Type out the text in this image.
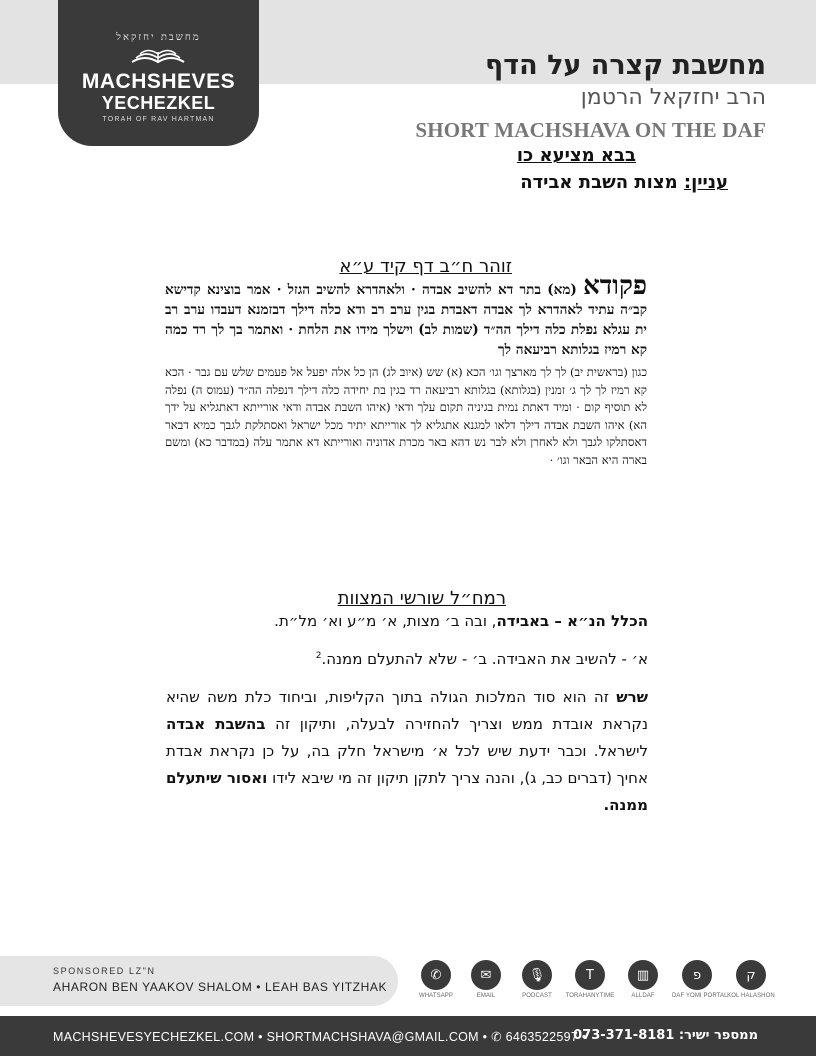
מחשבת יחזקאל
MACHSHEVES
YECHEZKEL
TORAH OF RAV HARTMAN
מחשבת קצרה על הדף
הרב יחזקאל הרטמן
SHORT MACHSHAVA ON THE DAF
בבא מציעא כו
עניין: מצות השבת אבידה
זוהר ח״ב דף קיד ע״א
פקודא (מא) בתר דא להשיב אבדה · ולאהדרא להשיב הגזל · אמר בוצינא קדישא קב״ה עתיד לאהדרא לך אבדה דאבדת בגין ערב רב ודא כלה דילך דבזמנא דעבדו ערב רב ית עגלא נפלת כלה דילך הה״ד (שמות לב) וישלך מידו את הלחת · ואתמר בך לך רד כמה קא רמיז בגלותא רביעאה לך
כגון (בראשית יב) לך לך מארצך וגו׳ הכא (א) שש (איוב לג) הן כל אלה יפעל אל פעמים שלש עם גבר · הכא קא רמיז לך לך ג׳ זמנין (בגלותא) בגלותא רביעאה רד בגין בת יחידה כלה דילך דנפלה הה״ד (עמוס ה) נפלה לא תוסיף קום · ומיד דאתת נמית בגיניה תקום עלך ודאי (איהו השבת אבדה ודאי אורייתא דאתגליא על ידך הא) איהו השבת אבדה דילך דלאו למגנא אתגליא לך אורייתא יתיר מכל ישראל ואסתלקת לגבך כמיא דבאר דאסתלקו לגבך ולא לאחרן ולא לבר נש דהא באר מכרת אדוניה ואורייתא דא אתמר עלה (במדבר כא) ומשם בארה היא הבאר וגו׳ ·
רמח״ל שורשי המצוות
הכלל הנ״א – באבידה, ובה ב׳ מצות, א׳ מ״ע וא׳ מל״ת.
א׳ - להשיב את האבידה. ב׳ - שלא להתעלם ממנה.$^2$
שרש זה הוא סוד המלכות הגולה בתוך הקליפות, וביחוד כלת משה שהיא נקראת אובדת ממש וצריך להחזירה לבעלה, ותיקון זה בהשבת אבדה לישראל. וכבר ידעת שיש לכל א׳ מישראל חלק בה, על כן נקראת אבדת אחיך (דברים כב, ג), והנה צריך לתקן תיקון זה מי שיבא לידו ואסור שיתעלם ממנה.
SPONSORED LZ"N
AHARON BEN YAAKOV SHALOM • LEAH BAS YITZHAK
✆
WHATSAPP
✉
EMAIL
🎙
PODCAST
T
TORAHANYTIME
▥
ALLDAF
פ
DAF YOMI PORTAL
ק
KOL HALASHON
MACHSHEVESYECHEZKEL.COM • SHORTMACHSHAVA@GMAIL.COM • ✆ 6463522597 •
ממספר ישיר: 073-371-8181
